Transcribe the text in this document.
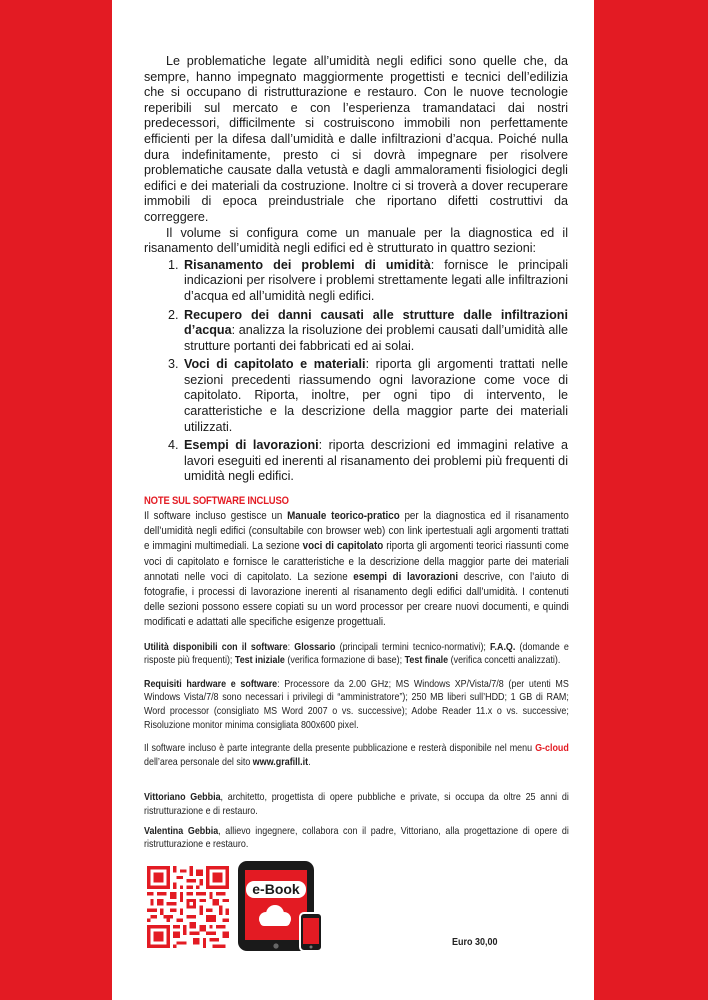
Le problematiche legate all’umidità negli edifici sono quelle che, da sempre, hanno impegnato maggiormente progettisti e tecnici dell’edilizia che si occupano di ristrutturazione e restauro. Con le nuove tecnologie reperibili sul mercato e con l’esperienza tramandataci dai nostri predecessori, difficilmente si costruiscono immobili non perfettamente efficienti per la difesa dall’umidità e dalle infiltrazioni d’acqua. Poiché nulla dura indefinitamente, presto ci si dovrà impegnare per risolvere problematiche causate dalla vetustà e dagli ammaloramenti fisiologici degli edifici e dei materiali da costruzione. Inoltre ci si troverà a dover recuperare immobili di epoca preindustriale che riportano difetti costruttivi da correggere.

Il volume si configura come un manuale per la diagnostica ed il risanamento dell’umidità negli edifici ed è strutturato in quattro sezioni:

1. Risanamento dei problemi di umidità: fornisce le principali indicazioni per risolvere i problemi strettamente legati alle infiltrazioni d’acqua ed all’umidità negli edifici.
2. Recupero dei danni causati alle strutture dalle infiltrazioni d’acqua: analizza la risoluzione dei problemi causati dall’umidità alle strutture portanti dei fabbricati ed ai solai.
3. Voci di capitolato e materiali: riporta gli argomenti trattati nelle sezioni precedenti riassumendo ogni lavorazione come voce di capitolato. Riporta, inoltre, per ogni tipo di intervento, le caratteristiche e la descrizione della maggior parte dei materiali utilizzati.
4. Esempi di lavorazioni: riporta descrizioni ed immagini relative a lavori eseguiti ed inerenti al risanamento dei problemi più frequenti di umidità negli edifici.
NOTE SUL SOFTWARE INCLUSO

Il software incluso gestisce un Manuale teorico-pratico per la diagnostica ed il risanamento dell’umidità negli edifici (consultabile con browser web) con link ipertestuali agli argomenti trattati e immagini multimediali. La sezione voci di capitolato riporta gli argomenti teorici riassunti come voci di capitolato e fornisce le caratteristiche e la descrizione della maggior parte dei materiali annotati nelle voci di capitolato. La sezione esempi di lavorazioni descrive, con l’aiuto di fotografie, i processi di lavorazione inerenti al risanamento degli edifici dall’umidità. I contenuti delle sezioni possono essere copiati su un word processor per creare nuovi documenti, e quindi modificati e adattati alle specifiche esigenze progettuali.

Utilità disponibili con il software: Glossario (principali termini tecnico-normativi); F.A.Q. (domande e risposte più frequenti); Test iniziale (verifica formazione di base); Test finale (verifica concetti analizzati).

Requisiti hardware e software: Processore da 2.00 GHz; MS Windows XP/Vista/7/8 (per utenti MS Windows Vista/7/8 sono necessari i privilegi di “amministratore”); 250 MB liberi sull’HDD; 1 GB di RAM; Word processor (consigliato MS Word 2007 o vs. successive); Adobe Reader 11.x o vs. successive; Risoluzione monitor minima consigliata 800x600 pixel.

Il software incluso è parte integrante della presente pubblicazione e resterà disponibile nel menu G-cloud dell’area personale del sito www.grafill.it.

Vittoriano Gebbia, architetto, progettista di opere pubbliche e private, si occupa da oltre 25 anni di ristrutturazione e di restauro.

Valentina Gebbia, allievo ingegnere, collabora con il padre, Vittoriano, alla progettazione di opere di ristrutturazione e restauro.

e-Book
Euro 30,00
